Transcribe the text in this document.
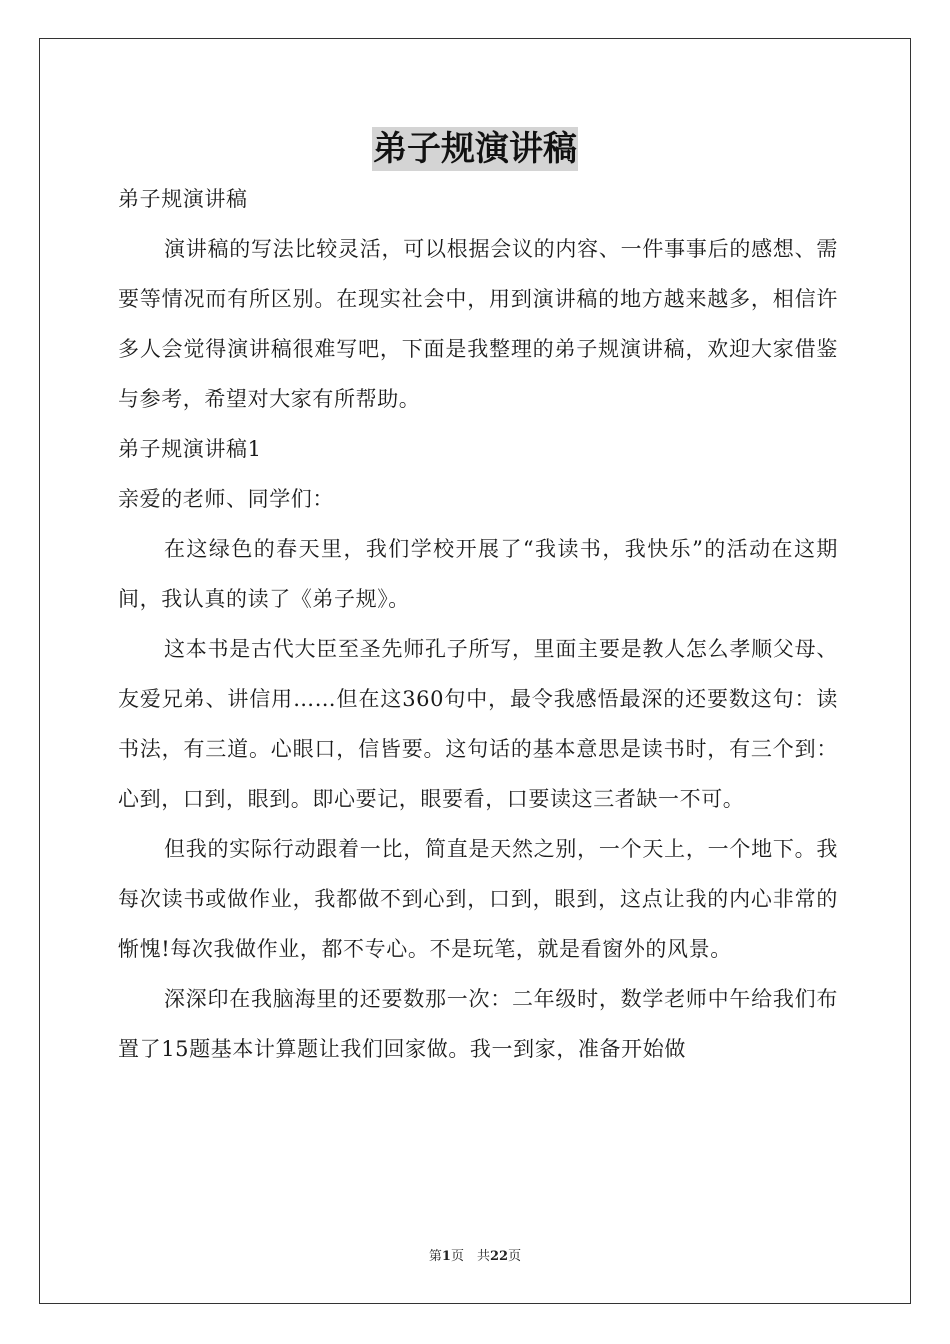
弟子规演讲稿

弟子规演讲稿

演讲稿的写法比较灵活，可以根据会议的内容、一件事事后的感想、需要等情况而有所区别。在现实社会中，用到演讲稿的地方越来越多，相信许多人会觉得演讲稿很难写吧，下面是我整理的弟子规演讲稿，欢迎大家借鉴与参考，希望对大家有所帮助。

弟子规演讲稿1

亲爱的老师、同学们：

在这绿色的春天里，我们学校开展了“我读书，我快乐”的活动在这期间，我认真的读了《弟子规》。

这本书是古代大臣至圣先师孔子所写，里面主要是教人怎么孝顺父母、友爱兄弟、讲信用……但在这360句中，最令我感悟最深的还要数这句：读书法，有三道。心眼口，信皆要。这句话的基本意思是读书时，有三个到：心到，口到，眼到。即心要记，眼要看，口要读这三者缺一不可。

但我的实际行动跟着一比，简直是天然之别，一个天上，一个地下。我每次读书或做作业，我都做不到心到，口到，眼到，这点让我的内心非常的惭愧!每次我做作业，都不专心。不是玩笔，就是看窗外的风景。

深深印在我脑海里的还要数那一次：二年级时，数学老师中午给我们布置了15题基本计算题让我们回家做。我一到家，准备开始做

第1页　共22页
